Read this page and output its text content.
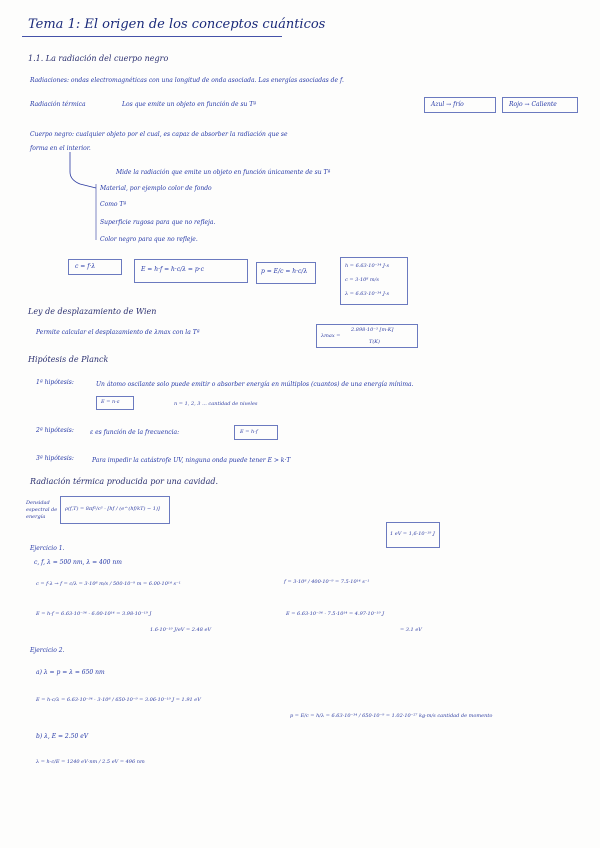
Tema 1: El origen de los conceptos cuánticos
1.1. La radiación del cuerpo negro
Radiaciones: ondas electromagnéticas con una longitud de onda asociada. Las energías asociadas de f.
Radiación térmica	Los que emite un objeto en función de su Tª	Azul → frío	Rojo → Caliente
Cuerpo negro: cualquier objeto por el cual, es capaz de absorber la radiación que se
forma en el interior.
Mide la radiación que emite un objeto en función únicamente de su Tª
Material, por ejemplo color de fondo
Como Tª
Superficie rugosa para que no refleja.
Color negro para que no refleje.
c = f·λ	E = h·f = h·c/λ = p·c	p = E/c = h·c/λ
h = 6.63·10⁻³⁴ J·s
c = 3·10⁸ m/s
λ = 6.63·10⁻³⁴ J·s
Ley de desplazamiento de Wien
Permite calcular el desplazamiento de λmax con la Tª	λmax =
2.898·10⁻³ [m·K]
T(K)
Hipótesis de Planck
1ª hipótesis:	Un átomo oscilante solo puede emitir o absorber energía en múltiplos (cuantos) de una energía mínima.
E = n·ε	n = 1, 2, 3 ... cantidad de niveles
2ª hipótesis:	ε es función de la frecuencia:	E = h·f
3ª hipótesis:	Para impedir la catástrofe UV, ninguna onda puede tener E > k·T
Radiación térmica producida por una cavidad.
Densidad espectral de energía
ρ(f,T) = 8πf²/c³ · [hf / (e^(hf/kT) − 1)]
1 eV = 1,6·10⁻¹⁹ J
Ejercicio 1.
c, f, λ = 500 nm, λ = 400 nm
c = f·λ → f = c/λ = 3·10⁸ m/s / 500·10⁻⁹ m = 6.00·10¹⁴ s⁻¹	f = 3·10⁸ / 400·10⁻⁹ = 7.5·10¹⁴ s⁻¹
E = h·f = 6.63·10⁻³⁴ · 6.00·10¹⁴ = 3.98·10⁻¹⁹ J	E = 6.63·10⁻³⁴ · 7.5·10¹⁴ = 4.97·10⁻¹⁹ J
1.6·10⁻¹⁹ J/eV = 2.48 eV	= 3.1 eV
Ejercicio 2.
a) λ = p = λ = 650 nm
E = h·c/λ = 6.63·10⁻³⁴ · 3·10⁸ / 650·10⁻⁹ = 3.06·10⁻¹⁹ J = 1.91 eV
p = E/c = h/λ = 6.63·10⁻³⁴ / 650·10⁻⁹ = 1.02·10⁻²⁷ kg·m/s cantidad de momento
b) λ, E = 2.50 eV
λ = h·c/E = 1240 eV·nm / 2.5 eV = 496 nm
